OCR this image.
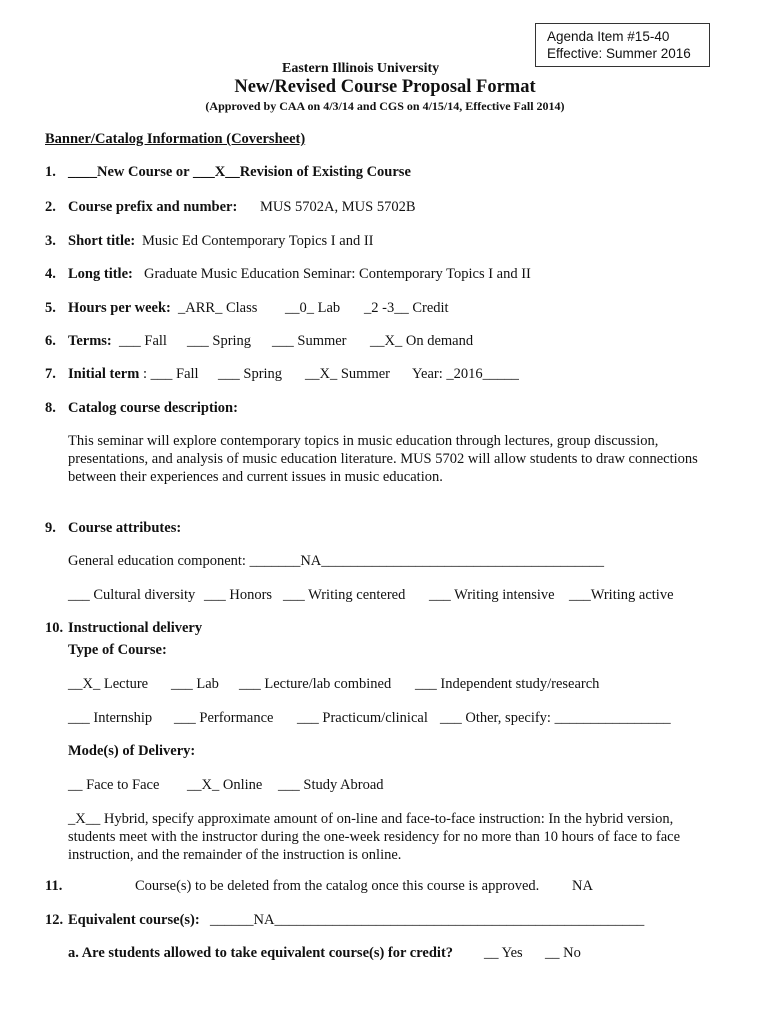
Agenda Item #15-40
Effective: Summer 2016
Eastern Illinois University
New/Revised Course Proposal Format
(Approved by CAA on 4/3/14 and CGS on 4/15/14, Effective Fall 2014)
Banner/Catalog Information (Coversheet)
1. ____New Course or ___X__Revision of Existing Course
2. Course prefix and number: MUS 5702A, MUS 5702B
3. Short title: Music Ed Contemporary Topics I and II
4. Long title: Graduate Music Education Seminar: Contemporary Topics I and II
5. Hours per week: _ARR_ Class __0_ Lab _2 -3__ Credit
6. Terms: ___ Fall ___ Spring ___ Summer __X_ On demand
7. Initial term : ___ Fall ___ Spring __X_ Summer Year: _2016_____
8. Catalog course description:
This seminar will explore contemporary topics in music education through lectures, group discussion, presentations, and analysis of music education literature. MUS 5702 will allow students to draw connections between their experiences and current issues in music education.
9. Course attributes:
General education component: _______NA_______________________________________
___ Cultural diversity ___ Honors ___ Writing centered ___ Writing intensive ___Writing active
10. Instructional delivery
Type of Course:
__X_ Lecture ___ Lab ___ Lecture/lab combined ___ Independent study/research
___ Internship ___ Performance ___ Practicum/clinical ___ Other, specify: ________________
Mode(s) of Delivery:
__ Face to Face __X_ Online ___ Study Abroad
_X__ Hybrid, specify approximate amount of on-line and face-to-face instruction: In the hybrid version, students meet with the instructor during the one-week residency for no more than 10 hours of face to face instruction, and the remainder of the instruction is online.
11.	Course(s) to be deleted from the catalog once this course is approved. NA
12. Equivalent course(s): ______NA___________________________________________________
a. Are students allowed to take equivalent course(s) for credit? __ Yes __ No
